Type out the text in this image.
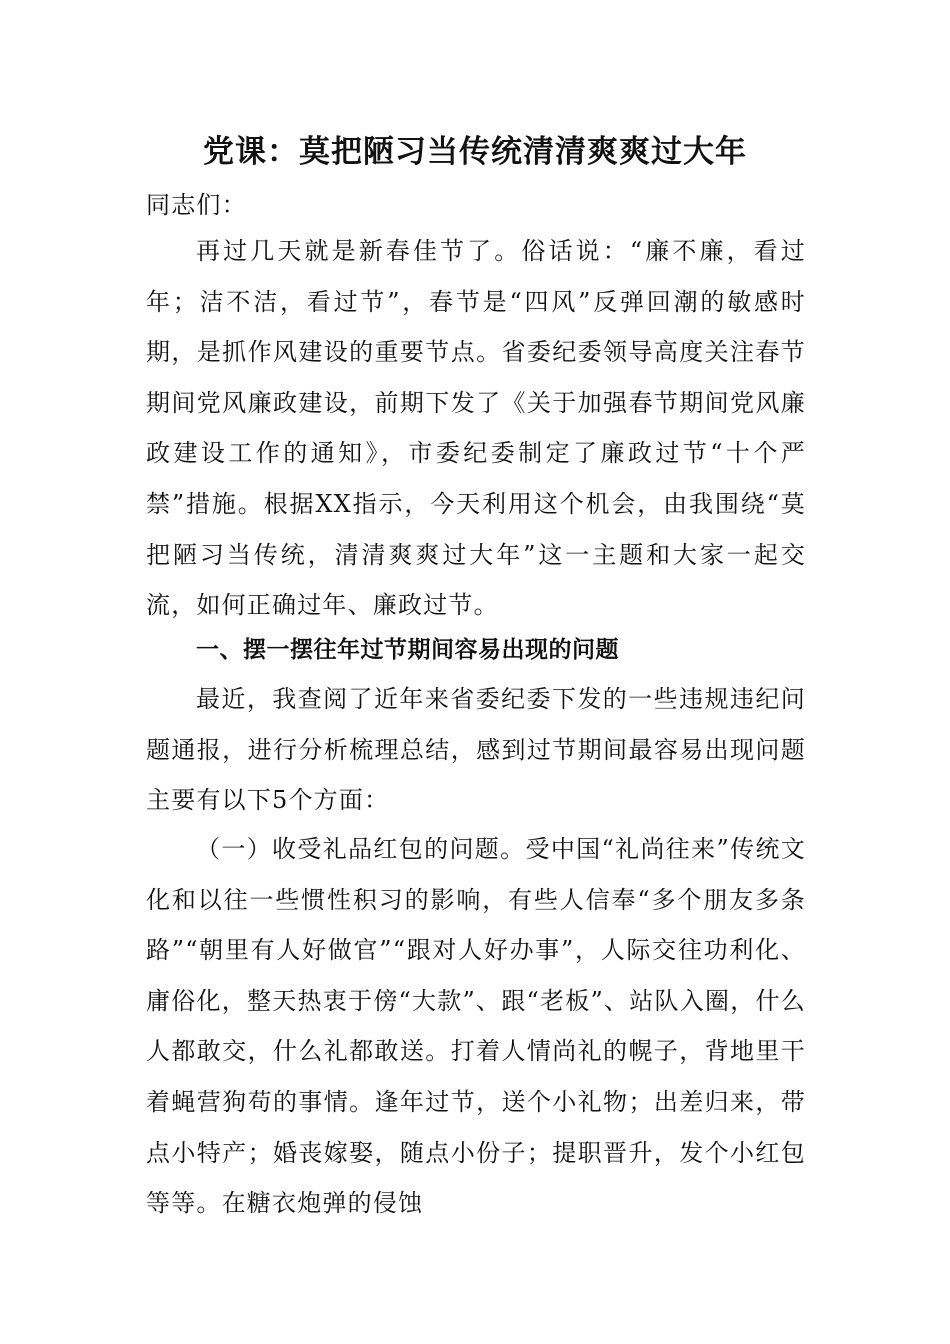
党课：莫把陋习当传统清清爽爽过大年

同志们：

再过几天就是新春佳节了。俗话说：“廉不廉，看过年；洁不洁，看过节”，春节是“四风”反弹回潮的敏感时期，是抓作风建设的重要节点。省委纪委领导高度关注春节期间党风廉政建设，前期下发了《关于加强春节期间党风廉政建设工作的通知》，市委纪委制定了廉政过节“十个严禁”措施。根据XX指示，今天利用这个机会，由我围绕“莫把陋习当传统，清清爽爽过大年”这一主题和大家一起交流，如何正确过年、廉政过节。

一、摆一摆往年过节期间容易出现的问题

最近，我查阅了近年来省委纪委下发的一些违规违纪问题通报，进行分析梳理总结，感到过节期间最容易出现问题主要有以下5个方面：

（一）收受礼品红包的问题。受中国“礼尚往来”传统文化和以往一些惯性积习的影响，有些人信奉“多个朋友多条路”“朝里有人好做官”“跟对人好办事”，人际交往功利化、庸俗化，整天热衷于傍“大款”、跟“老板”、站队入圈，什么人都敢交，什么礼都敢送。打着人情尚礼的幌子，背地里干着蝇营狗苟的事情。逢年过节，送个小礼物；出差归来，带点小特产；婚丧嫁娶，随点小份子；提职晋升，发个小红包等等。在糖衣炮弹的侵蚀
